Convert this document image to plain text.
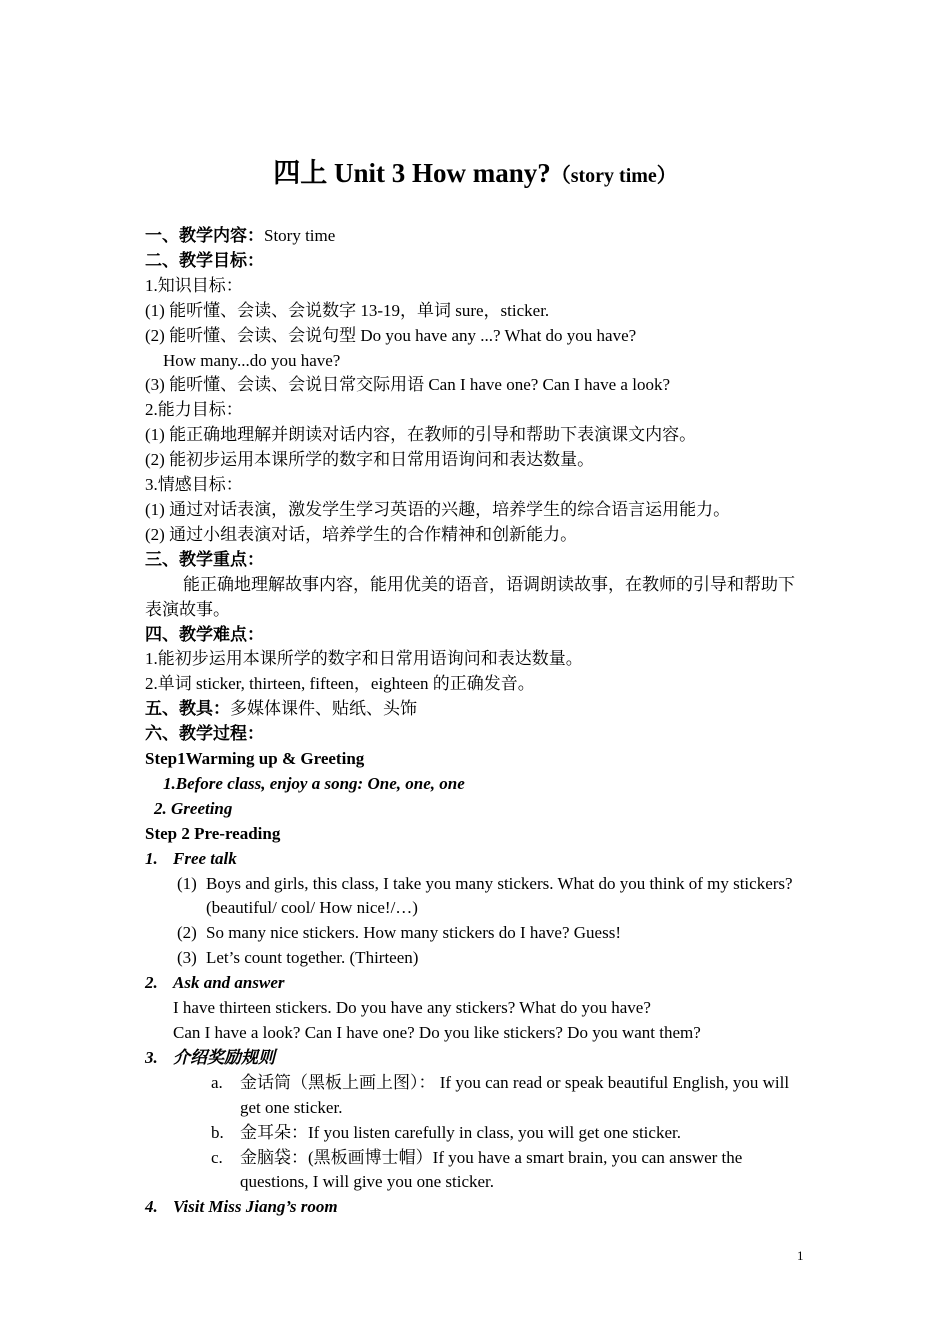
四上 Unit 3 How many?（story time）
一、教学内容：Story time
二、教学目标：
1.知识目标：
(1) 能听懂、会读、会说数字 13-19，单词 sure，sticker.
(2) 能听懂、会读、会说句型 Do you have any ...? What do you have?
How many...do you have?
(3) 能听懂、会读、会说日常交际用语 Can I have one? Can I have a look?
2.能力目标：
(1) 能正确地理解并朗读对话内容，在教师的引导和帮助下表演课文内容。
(2) 能初步运用本课所学的数字和日常用语询问和表达数量。
3.情感目标：
(1) 通过对话表演，激发学生学习英语的兴趣，培养学生的综合语言运用能力。
(2) 通过小组表演对话，培养学生的合作精神和创新能力。
三、教学重点：
能正确地理解故事内容，能用优美的语音，语调朗读故事，在教师的引导和帮助下表演故事。
四、教学难点：
1.能初步运用本课所学的数字和日常用语询问和表达数量。
2.单词 sticker, thirteen, fifteen，eighteen 的正确发音。
五、教具：多媒体课件、贴纸、头饰
六、教学过程：
Step1Warming up & Greeting
1.Before class, enjoy a song: One, one, one
2. Greeting
Step 2 Pre-reading
1. Free talk
(1) Boys and girls, this class, I take you many stickers. What do you think of my stickers? (beautiful/ cool/ How nice!/…)
(2) So many nice stickers. How many stickers do I have? Guess!
(3) Let’s count together. (Thirteen)
2. Ask and answer
I have thirteen stickers. Do you have any stickers? What do you have?
Can I have a look? Can I have one? Do you like stickers? Do you want them?
3. 介绍奖励规则
a.	金话筒（黑板上画上图）： If you can read or speak beautiful English, you will get one sticker.
b. 金耳朵：If you listen carefully in class, you will get one sticker.
c.	金脑袋：(黑板画博士帽）If you have a smart brain, you can answer the questions, I will give you one sticker.
4. Visit Miss Jiang’s room
1
